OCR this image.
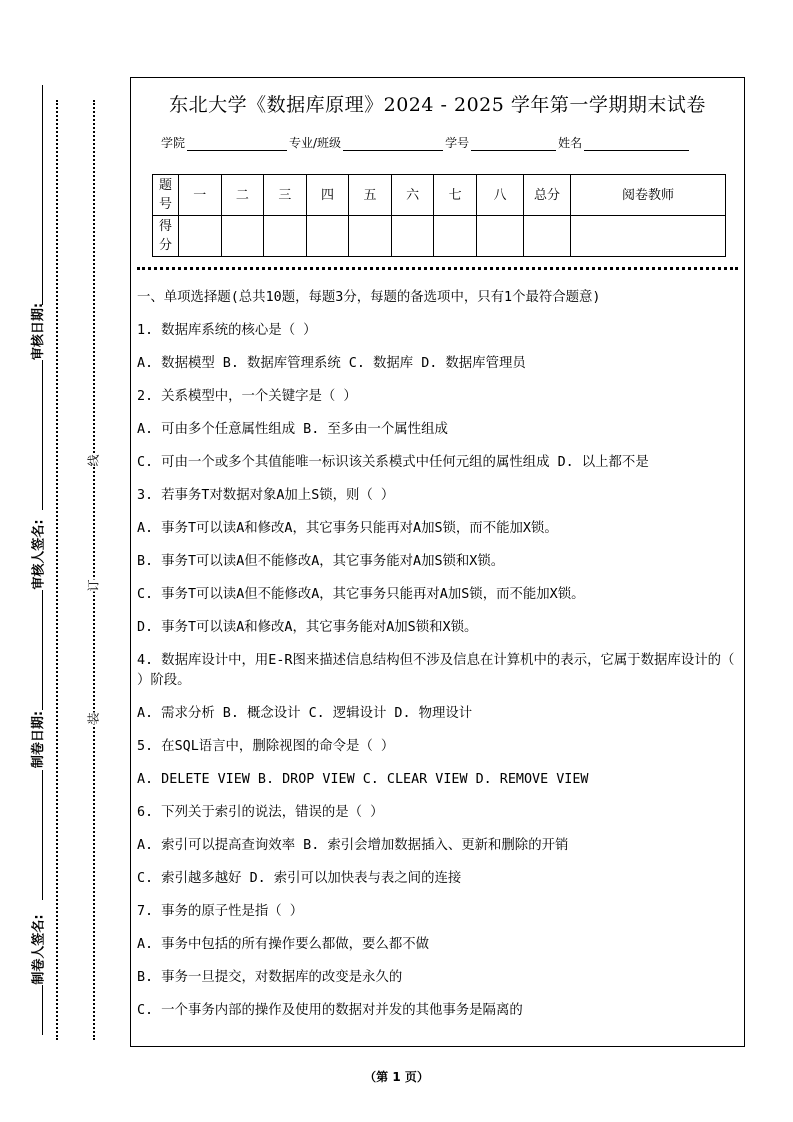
审核日期:
审核人签名:
制卷日期:
制卷人签名:
线
订
装
东北大学《数据库原理》2024 - 2025 学年第一学期期末试卷
学院	专业/班级	学号	姓名
题号	一	二	三	四	五	六	七	八	总分	阅卷教师
得分										

一、单项选择题(总共10题，每题3分，每题的备选项中，只有1个最符合题意)

1. 数据库系统的核心是（ ）

A. 数据模型 B. 数据库管理系统 C. 数据库 D. 数据库管理员

2. 关系模型中，一个关键字是（ ）

A. 可由多个任意属性组成 B. 至多由一个属性组成

C. 可由一个或多个其值能唯一标识该关系模式中任何元组的属性组成 D. 以上都不是

3. 若事务T对数据对象A加上S锁，则（ ）

A. 事务T可以读A和修改A，其它事务只能再对A加S锁，而不能加X锁。

B. 事务T可以读A但不能修改A，其它事务能对A加S锁和X锁。

C. 事务T可以读A但不能修改A，其它事务只能再对A加S锁，而不能加X锁。

D. 事务T可以读A和修改A，其它事务能对A加S锁和X锁。

4. 数据库设计中，用E-R图来描述信息结构但不涉及信息在计算机中的表示，它属于数据库设计的（ ）阶段。

A. 需求分析 B. 概念设计 C. 逻辑设计 D. 物理设计

5. 在SQL语言中，删除视图的命令是（ ）

A. DELETE VIEW B. DROP VIEW C. CLEAR VIEW D. REMOVE VIEW

6. 下列关于索引的说法，错误的是（ ）

A. 索引可以提高查询效率 B. 索引会增加数据插入、更新和删除的开销

C. 索引越多越好 D. 索引可以加快表与表之间的连接

7. 事务的原子性是指（ ）

A. 事务中包括的所有操作要么都做，要么都不做

B. 事务一旦提交，对数据库的改变是永久的

C. 一个事务内部的操作及使用的数据对并发的其他事务是隔离的

（第 1 页）
